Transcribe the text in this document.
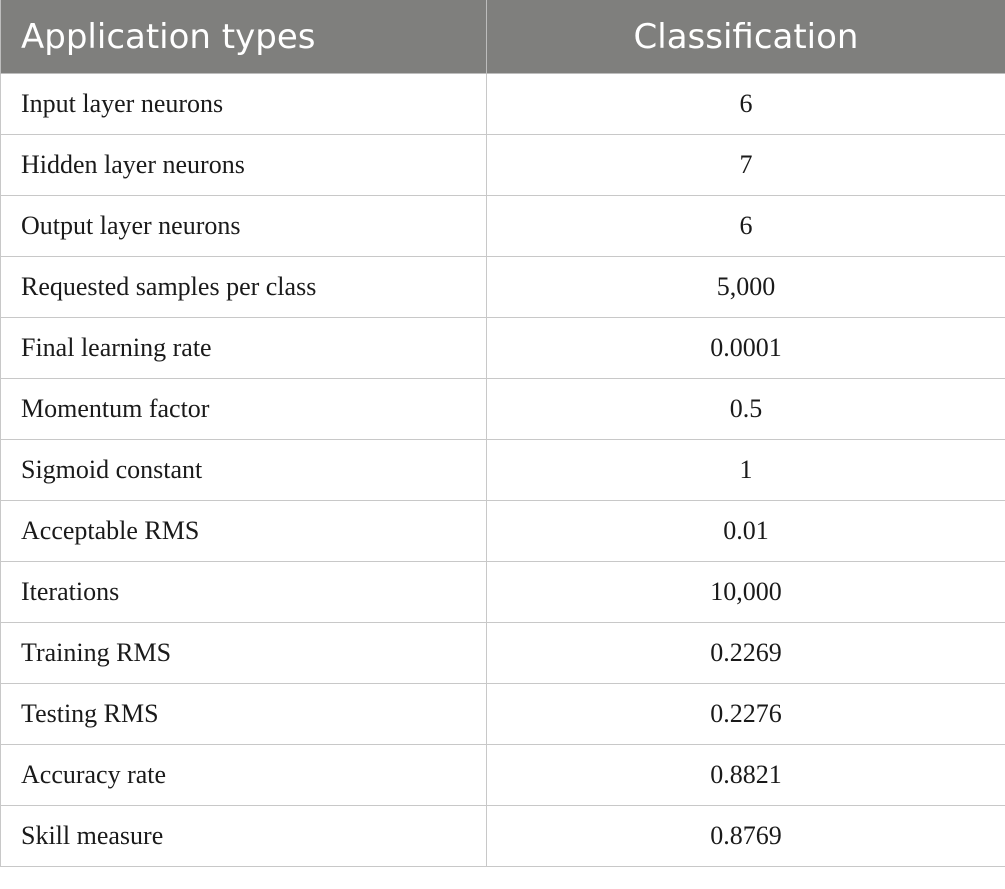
Application types	Classification
Input layer neurons	6
Hidden layer neurons	7
Output layer neurons	6
Requested samples per class	5,000
Final learning rate	0.0001
Momentum factor	0.5
Sigmoid constant	1
Acceptable RMS	0.01
Iterations	10,000
Training RMS	0.2269
Testing RMS	0.2276
Accuracy rate	0.8821
Skill measure	0.8769
